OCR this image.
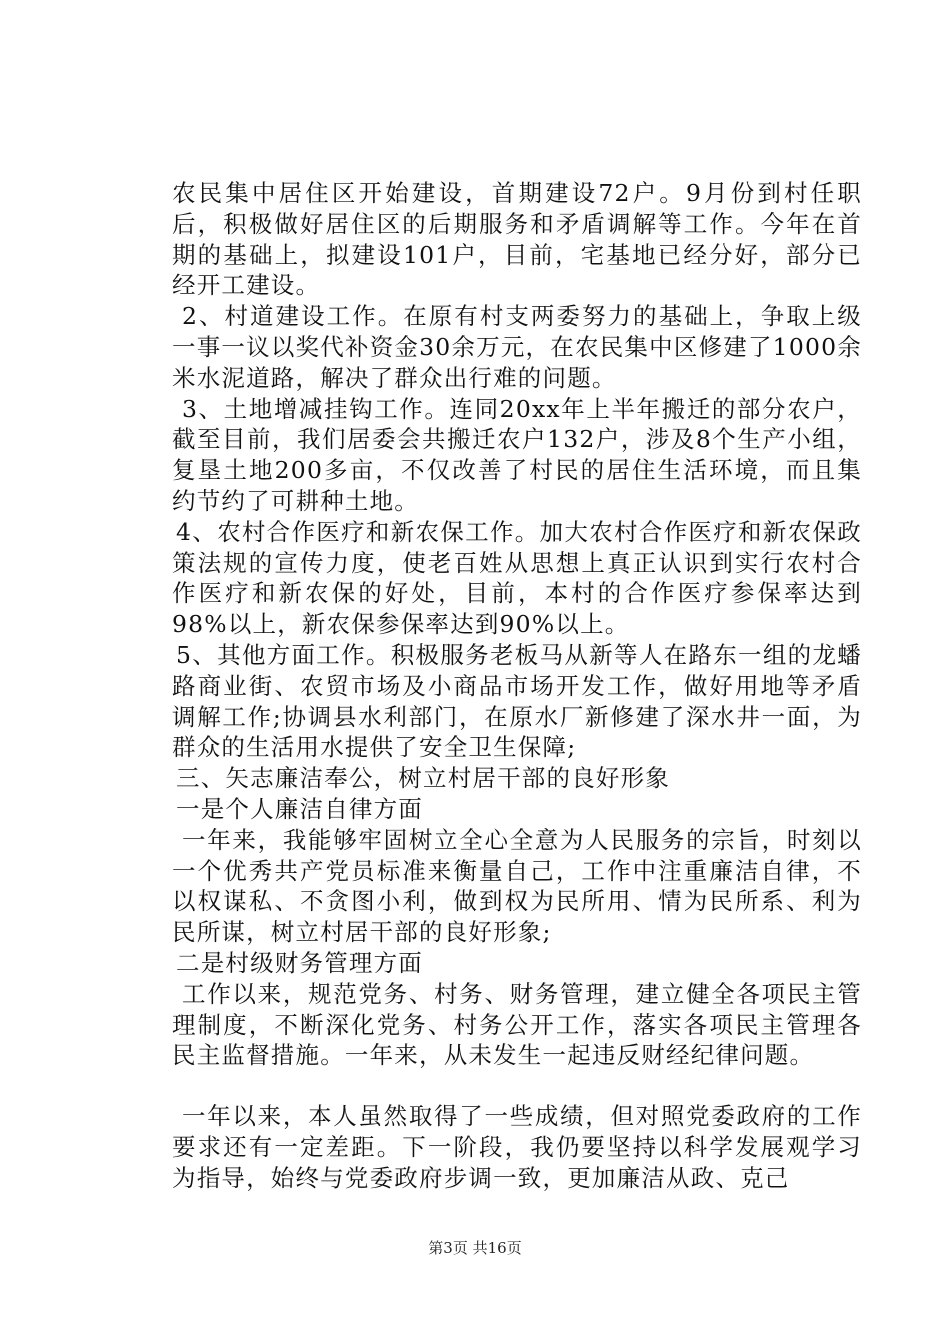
农民集中居住区开始建设，首期建设72户。9月份到村任职后，积极做好居住区的后期服务和矛盾调解等工作。今年在首期的基础上，拟建设101户，目前，宅基地已经分好，部分已经开工建设。

2、村道建设工作。在原有村支两委努力的基础上，争取上级一事一议以奖代补资金30余万元，在农民集中区修建了1000余米水泥道路，解决了群众出行难的问题。

3、土地增减挂钩工作。连同20xx年上半年搬迁的部分农户，截至目前，我们居委会共搬迁农户132户，涉及8个生产小组，复垦土地200多亩，不仅改善了村民的居住生活环境，而且集约节约了可耕种土地。

4、农村合作医疗和新农保工作。加大农村合作医疗和新农保政策法规的宣传力度，使老百姓从思想上真正认识到实行农村合作医疗和新农保的好处，目前，本村的合作医疗参保率达到98%以上，新农保参保率达到90%以上。

5、其他方面工作。积极服务老板马从新等人在路东一组的龙蟠路商业街、农贸市场及小商品市场开发工作，做好用地等矛盾调解工作;协调县水利部门，在原水厂新修建了深水井一面，为群众的生活用水提供了安全卫生保障;

三、矢志廉洁奉公，树立村居干部的良好形象

一是个人廉洁自律方面

一年来，我能够牢固树立全心全意为人民服务的宗旨，时刻以一个优秀共产党员标准来衡量自己，工作中注重廉洁自律，不以权谋私、不贪图小利，做到权为民所用、情为民所系、利为民所谋，树立村居干部的良好形象;

二是村级财务管理方面

工作以来，规范党务、村务、财务管理，建立健全各项民主管理制度，不断深化党务、村务公开工作，落实各项民主管理各民主监督措施。一年来，从未发生一起违反财经纪律问题。

一年以来，本人虽然取得了一些成绩，但对照党委政府的工作要求还有一定差距。下一阶段，我仍要坚持以科学发展观学习为指导，始终与党委政府步调一致，更加廉洁从政、克己

第3页 共16页
